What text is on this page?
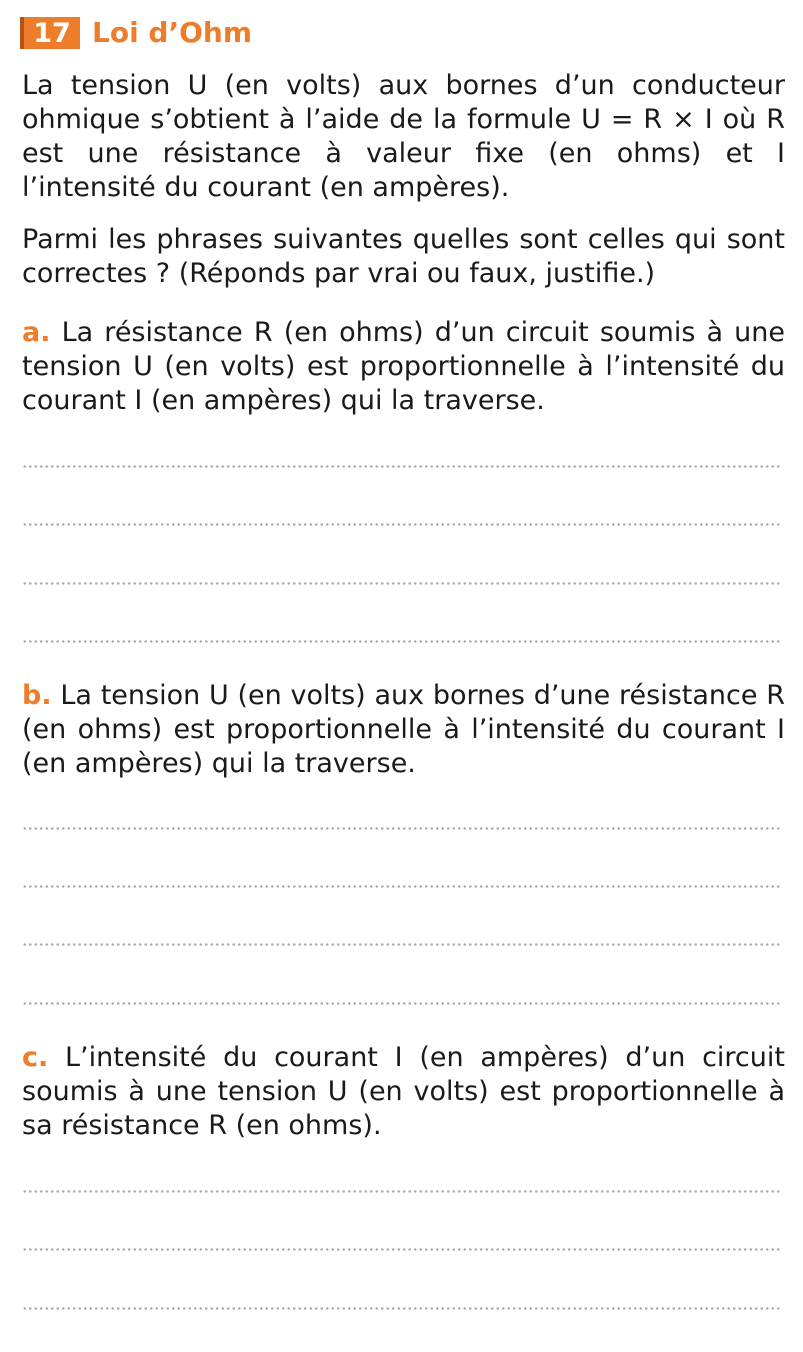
17 Loi d’Ohm

La tension U (en volts) aux bornes d’un conducteur ohmique s’obtient à l’aide de la formule U = R × I où R est une résistance à valeur fixe (en ohms) et I l’intensité du courant (en ampères).

Parmi les phrases suivantes quelles sont celles qui sont correctes ? (Réponds par vrai ou faux, justifie.)

a. La résistance R (en ohms) d’un circuit soumis à une tension U (en volts) est proportionnelle à l’intensité du courant I (en ampères) qui la traverse.

b. La tension U (en volts) aux bornes d’une résistance R (en ohms) est proportionnelle à l’intensité du courant I (en ampères) qui la traverse.

c. L’intensité du courant I (en ampères) d’un circuit soumis à une tension U (en volts) est proportionnelle à sa résistance R (en ohms).
